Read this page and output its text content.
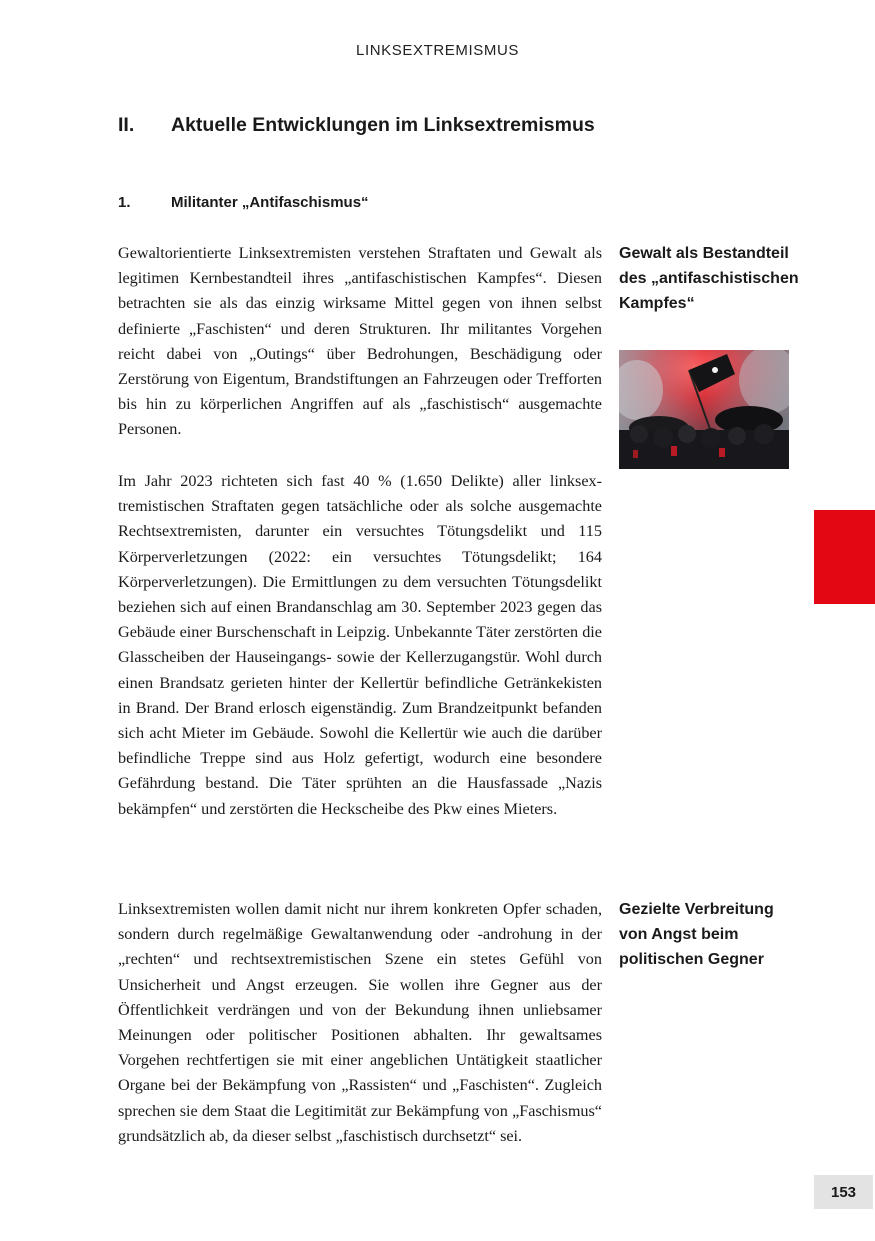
LINKSEXTREMISMUS
II. Aktuelle Entwicklungen im Linksextremismus
1.	Militanter „Antifaschismus“

Gewaltorientierte Linksextremisten verstehen Straftaten und Gewalt als legitimen Kernbestandteil ihres „antifaschistischen Kampfes“. Diesen betrachten sie als das einzig wirksame Mittel gegen von ihnen selbst definierte „Faschisten“ und deren Strukturen. Ihr militantes Vorgehen reicht dabei von „Outings“ über Bedrohungen, Beschädigung oder Zerstörung von Eigentum, Brandstiftungen an Fahrzeugen oder Trefforten bis hin zu körperlichen Angriffen auf als „faschistisch“ ausgemachte Personen.

Im Jahr 2023 richteten sich fast 40 % (1.650 Delikte) aller linksextremistischen Straftaten gegen tatsächliche oder als solche ausgemachte Rechtsextremisten, darunter ein versuchtes Tötungsdelikt und 115 Körperverletzungen (2022: ein versuchtes Tötungsdelikt; 164 Körperverletzungen). Die Ermittlungen zu dem versuchten Tötungsdelikt beziehen sich auf einen Brandanschlag am 30. September 2023 gegen das Gebäude einer Burschenschaft in Leipzig. Unbekannte Täter zerstörten die Glasscheiben der Hauseingangs- sowie der Kellerzugangstür. Wohl durch einen Brandsatz gerieten hinter der Kellertür befindliche Getränkekisten in Brand. Der Brand erlosch eigenständig. Zum Brandzeitpunkt befanden sich acht Mieter im Gebäude. Sowohl die Kellertür wie auch die darüber befindliche Treppe sind aus Holz gefertigt, wodurch eine besondere Gefährdung bestand. Die Täter sprühten an die Hausfassade „Nazis bekämpfen“ und zerstörten die Heckscheibe des Pkw eines Mieters.

Linksextremisten wollen damit nicht nur ihrem konkreten Opfer schaden, sondern durch regelmäßige Gewaltanwendung oder -androhung in der „rechten“ und rechtsextremistischen Szene ein stetes Gefühl von Unsicherheit und Angst erzeugen. Sie wollen ihre Gegner aus der Öffentlichkeit verdrängen und von der Bekundung ihnen unliebsamer Meinungen oder politischer Positionen abhalten. Ihr gewaltsames Vorgehen rechtfertigen sie mit einer angeblichen Untätigkeit staatlicher Organe bei der Bekämpfung von „Rassisten“ und „Faschisten“. Zugleich sprechen sie dem Staat die Legitimität zur Bekämpfung von „Faschismus“ grundsätzlich ab, da dieser selbst „faschistisch durchsetzt“ sei.

Gewalt als Bestandteil des „antifaschistischen Kampfes“
Gezielte Verbreitung von Angst beim politischen Gegner
153
